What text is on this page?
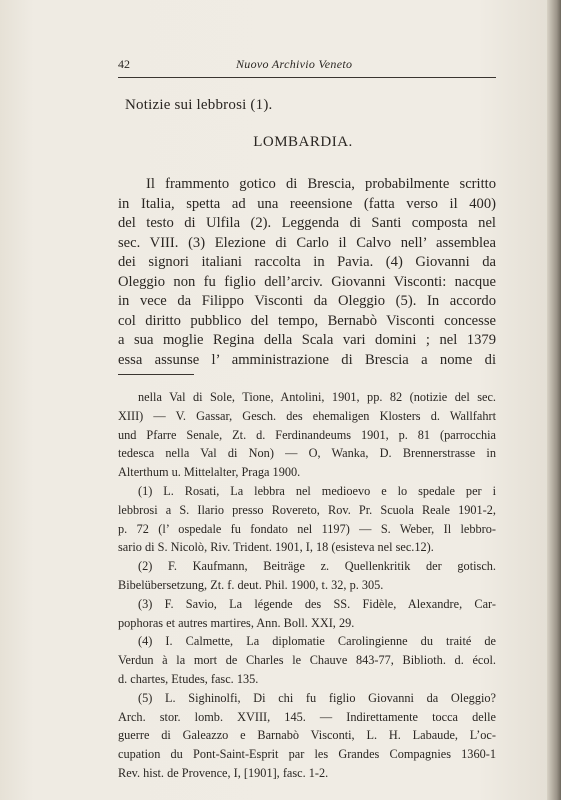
42	Nuovo Archivio Veneto
Notizie sui lebbrosi (1).
LOMBARDIA.
Il frammento gotico di Brescia, probabilmente scritto
in Italia, spetta ad una reeensione (fatta verso il 400)
del testo di Ulfila (2). Leggenda di Santi composta nel
sec. VIII. (3) Elezione di Carlo il Calvo nell’ assemblea
dei signori italiani raccolta in Pavia. (4) Giovanni da
Oleggio non fu figlio dell’arciv. Giovanni Visconti: nacque
in vece da Filippo Visconti da Oleggio (5). In accordo
col diritto pubblico del tempo, Bernabò Visconti concesse
a sua moglie Regina della Scala vari domini ; nel 1379
essa assunse l’ amministrazione di Brescia a nome di
nella Val di Sole, Tione, Antolini, 1901, pp. 82 (notizie del sec.
XIII) — V. Gassar, Gesch. des ehemaligen Klosters d. Wallfahrt
und Pfarre Senale, Zt. d. Ferdinandeums 1901, p. 81 (parrocchia
tedesca nella Val di Non) — O, Wanka, D. Brennerstrasse in
Alterthum u. Mittelalter, Praga 1900.
(1) L. Rosati, La lebbra nel medioevo e lo spedale per i
lebbrosi a S. Ilario presso Rovereto, Rov. Pr. Scuola Reale 1901-2,
p. 72 (l’ ospedale fu fondato nel 1197) — S. Weber, Il lebbro-
sario di S. Nicolò, Riv. Trident. 1901, I, 18 (esisteva nel sec.12).
(2) F. Kaufmann, Beiträge z. Quellenkritik der gotisch.
Bibelübersetzung, Zt. f. deut. Phil. 1900, t. 32, p. 305.
(3) F. Savio, La légende des SS. Fidèle, Alexandre, Car-
pophoras et autres martires, Ann. Boll. XXI, 29.
(4) I. Calmette, La diplomatie Carolingienne du traité de
Verdun à la mort de Charles le Chauve 843-77, Biblioth. d. écol.
d. chartes, Etudes, fasc. 135.
(5) L. Sighinolfi, Di chi fu figlio Giovanni da Oleggio?
Arch. stor. lomb. XVIII, 145. — Indirettamente tocca delle
guerre di Galeazzo e Barnabò Visconti, L. H. Labaude, L’oc-
cupation du Pont-Saint-Esprit par les Grandes Compagnies 1360-1
Rev. hist. de Provence, I, [1901], fasc. 1-2.
